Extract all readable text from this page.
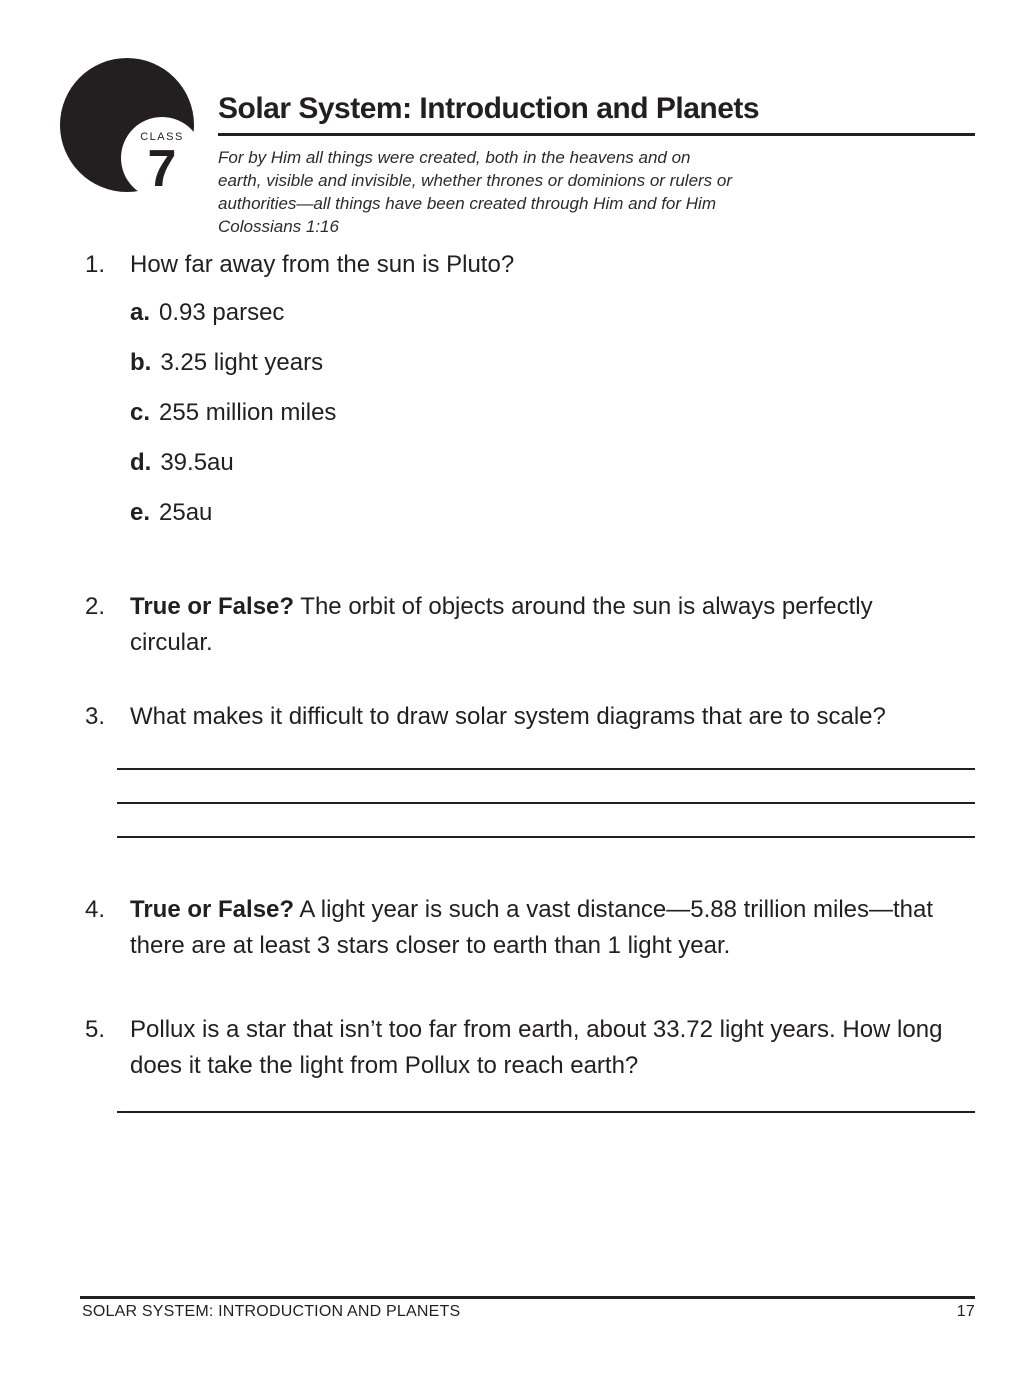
CLASS
7
Solar System: Introduction and Planets
For by Him all things were created, both in the heavens and on
earth, visible and invisible, whether thrones or dominions or rulers or
authorities—all things have been created through Him and for Him
Colossians 1:16
1.	How far away from the sun is Pluto?
a. 0.93 parsec
b. 3.25 light years
c. 255 million miles
d. 39.5au
e. 25au
2.	True or False? The orbit of objects around the sun is always perfectly circular.
3.	What makes it difficult to draw solar system diagrams that are to scale?
4.	True or False? A light year is such a vast distance—5.88 trillion miles—that there are at least 3 stars closer to earth than 1 light year.
5.	Pollux is a star that isn’t too far from earth, about 33.72 light years. How long does it take the light from Pollux to reach earth?
SOLAR SYSTEM: INTRODUCTION AND PLANETS	17
